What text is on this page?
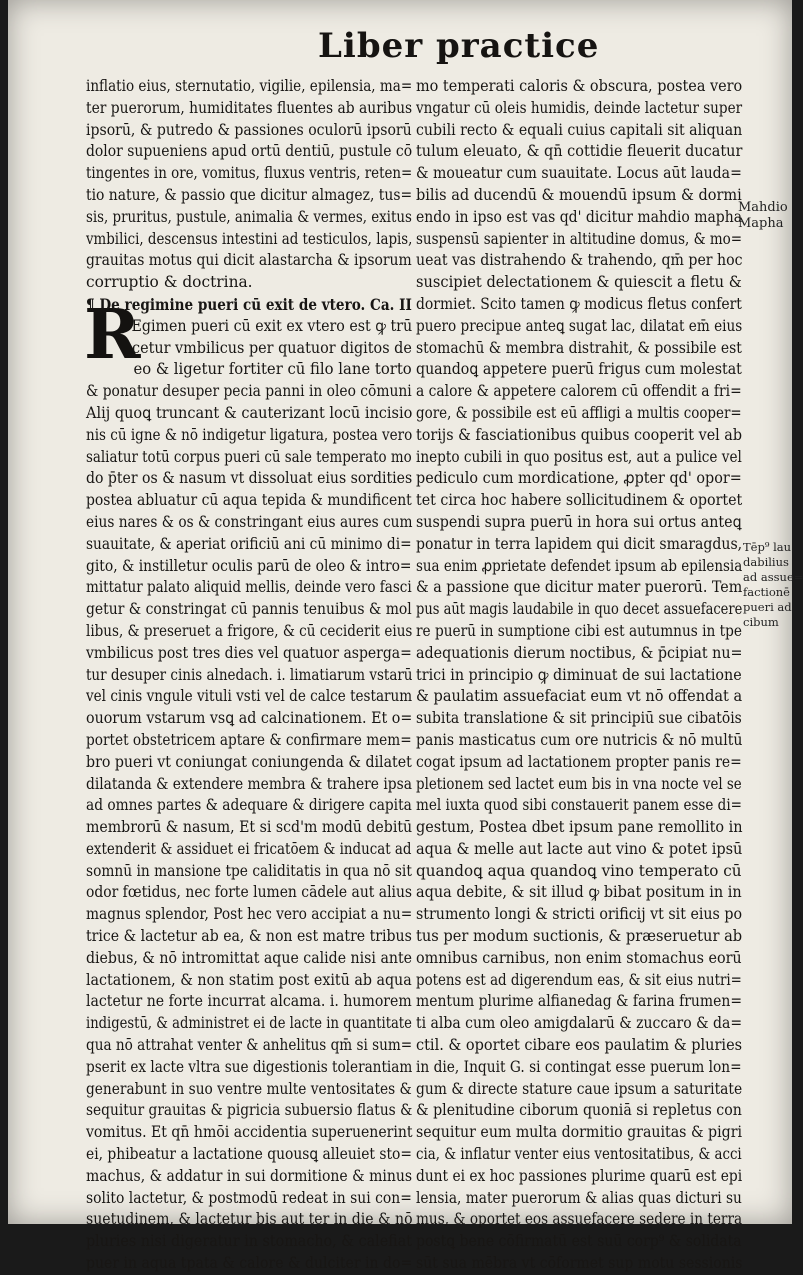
Liber practice
R
inflatio eius, sternutatio, vigilie, epilensia, ma=
ter puerorum, humiditates fluentes ab auribus
ipsorū, & putredo & passiones oculorū ipsorū
dolor supueniens apud ortū dentiū, pustule cō
tingentes in ore, vomitus, fluxus ventris, reten=
tio nature, & passio que dicitur almagez, tus=
sis, pruritus, pustule, animalia & vermes, exitus
vmbilici, descensus intestini ad testiculos, lapis,
grauitas motus qui dicit alastarcha & ipsorum
corruptio & doctrina.
¶ De regimine pueri cū exit de vtero. Ca. II
Egimen pueri cū exit ex vtero est ꝙ trū
cetur vmbilicus per quatuor digitos de
eo & ligetur fortiter cū filo lane torto
& ponatur desuper pecia panni in oleo cōmuni
Alij quoꝗ truncant & cauterizant locū incisio
nis cū igne & nō indigetur ligatura, postea vero
saliatur totū corpus pueri cū sale temperato mo
do p̄ter os & nasum vt dissoluat eius sordities
postea abluatur cū aqua tepida & mundificent
eius nares & os & constringant eius aures cum
suauitate, & aperiat orificiū ani cū minimo di=
gito, & instilletur oculis parū de oleo & intro=
mittatur palato aliquid mellis, deinde vero fasci
getur & constringat cū pannis tenuibus & mol
libus, & preseruet a frigore, & cū ceciderit eius
vmbilicus post tres dies vel quatuor asperga=
tur desuper cinis alnedach. i. limatiarum vstarū
vel cinis vngule vituli vsti vel de calce testarum
ouorum vstarum vsꝗ ad calcinationem. Et o=
portet obstetricem aptare & confirmare mem=
bro pueri vt coniungat coniungenda & dilatet
dilatanda & extendere membra & trahere ipsa
ad omnes partes & adequare & dirigere capita
membrorū & nasum, Et si scd'm modū debitū
extenderit & assiduet ei fricatōem & inducat ad
somnū in mansione tpe caliditatis in qua nō sit
odor fœtidus, nec forte lumen cādele aut alius
magnus splendor, Post hec vero accipiat a nu=
trice & lactetur ab ea, & non est matre tribus
diebus, & nō intromittat aque calide nisi ante
lactationem, & non statim post exitū ab aqua
lactetur ne forte incurrat alcama. i. humorem
indigestū, & administret ei de lacte in quantitate
qua nō attrahat venter & anhelitus qm̄ si sum=
pserit ex lacte vltra sue digestionis tolerantiam
generabunt in suo ventre multe ventositates &
sequitur grauitas & pigricia subuersio flatus &
vomitus. Et qn̄ hmōi accidentia superuenerint
ei, phibeatur a lactatione quousꝗ alleuiet sto=
machus, & addatur in sui dormitione & minus
solito lactetur, & postmodū redeat in sui con=
suetudinem, & lactetur bis aut ter in die & nō
pluries nisi digeratur in stomacho, & calefiat
puer in aqua tpata & calore & dulciter in do=
mo temperati caloris & obscura, postea vero
vngatur cū oleis humidis, deinde lactetur super
cubili recto & equali cuius capitali sit aliquan
tulum eleuato, & qn̄ cottidie fleuerit ducatur
& moueatur cum suauitate. Locus aūt lauda=
bilis ad ducendū & mouendū ipsum & dormi
endo in ipso est vas qd' dicitur mahdio mapha
suspensū sapienter in altitudine domus, & mo=
ueat vas distrahendo & trahendo, qm̄ per hoc
suscipiet delectationem & quiescit a fletu &
dormiet. Scito tamen ꝙ modicus fletus confert
puero precipue anteꝗ sugat lac, dilatat em̄ eius
stomachū & membra distrahit, & possibile est
quandoꝗ appetere puerū frigus cum molestat
a calore & appetere calorem cū offendit a fri=
gore, & possibile est eū affligi a multis cooper=
torijs & fasciationibus quibus cooperit vel ab
inepto cubili in quo positus est, aut a pulice vel
pediculo cum mordicatione, ꝓpter qd' opor=
tet circa hoc habere sollicitudinem & oportet
suspendi supra puerū in hora sui ortus anteꝗ
ponatur in terra lapidem qui dicit smaragdus,
sua enim ꝓprietate defendet ipsum ab epilensia
& a passione que dicitur mater puerorū. Tem
pus aūt magis laudabile in quo decet assuefacere
re puerū in sumptione cibi est autumnus in tpe
adequationis dierum noctibus, & p̄cipiat nu=
trici in principio ꝙ diminuat de sui lactatione
& paulatim assuefaciat eum vt nō offendat a
subita translatione & sit principiū sue cibatōis
panis masticatus cum ore nutricis & nō multū
cogat ipsum ad lactationem propter panis re=
pletionem sed lactet eum bis in vna nocte vel se
mel iuxta quod sibi constauerit panem esse di=
gestum, Postea dbet ipsum pane remollito in
aqua & melle aut lacte aut vino & potet ipsū
quandoꝗ aqua quandoꝗ vino temperato cū
aqua debite, & sit illud ꝙ bibat positum in in
strumento longi & stricti orificij vt sit eius po
tus per modum suctionis, & præseruetur ab
omnibus carnibus, non enim stomachus eorū
potens est ad digerendum eas, & sit eius nutri=
mentum plurime alfianedag & farina frumen=
ti alba cum oleo amigdalarū & zuccaro & da=
ctil. & oportet cibare eos paulatim & pluries
in die, Inquit G. si contingat esse puerum lon=
gum & directe stature caue ipsum a saturitate
& plenitudine ciborum quoniā si repletus con
sequitur eum multa dormitio grauitas & pigri
cia, & inflatur venter eius ventositatibus, & acci
dunt ei ex hoc passiones plurime quarū est epi
lensia, mater puerorum & alias quas dicturi su
mus, & oportet eos assuefacere sedere in terra
postꝗ bene cōfirmatū est suū corp⁹ & solidata
sūt sua mēbra vt cōformet sup motu sessionis
Mahdio
Mapha
Tēp⁹ lau
dabilius
ad assue=
factionē
pueri ad
cibum
